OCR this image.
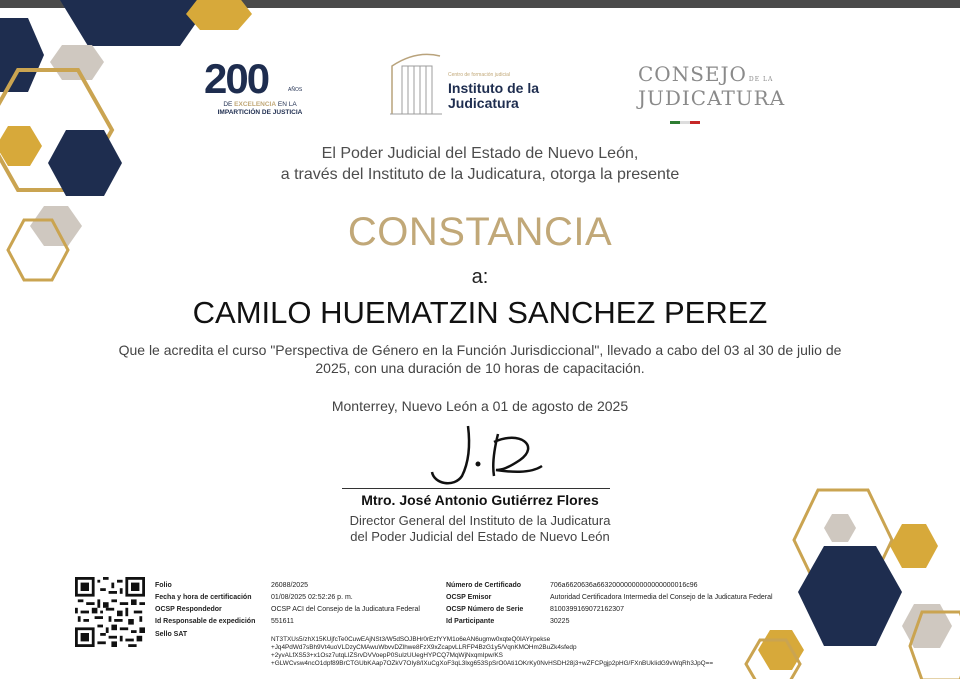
200	AÑOS
DE EXCELENCIA EN LA
IMPARTICIÓN DE JUSTICIA
Centro de formación judicial
Instituto de la
Judicatura
CONSEJO DE LA
JUDICATURA
El Poder Judicial del Estado de Nuevo León,
a través del Instituto de la Judicatura, otorga la presente
CONSTANCIA
a:
CAMILO HUEMATZIN SANCHEZ PEREZ
Que le acredita el curso "Perspectiva de Género en la Función Jurisdiccional", llevado a cabo del 03 al 30 de julio de 2025, con una duración de 10 horas de capacitación.
Monterrey, Nuevo León a 01 de agosto de 2025
Mtro. José Antonio Gutiérrez Flores
Director General del Instituto de la Judicatura
del Poder Judicial del Estado de Nuevo León
Folio	26088/2025
Fecha y hora de certificación	01/08/2025 02:52:26 p. m.
OCSP Respondedor	OCSP ACI del Consejo de la Judicatura Federal
Id Responsable de expedición 551611
Sello SAT
Número de Certificado	706a6620636a66320000000000000000016c96
OCSP Emisor	Autoridad Certificadora Intermedia del Consejo de la Judicatura Federal
OCSP Número de Serie	8100399169072162307
Id Participante	30225
NT3TXUs5/zhX15KUjfcTe0CuwEAjNSt3/W5dSOJBHr0rEzfYYM1o6eAN6ugmw0xqteQ0IAYirpekse
+Jq4PdWd7sBh9Vt4uoVLDzyCMAwuWbvvDZlhwe8FzX9xZcapvLLRFP4BzG1y5/VqnKMOHm2BuZk4sfedp
+2yvALfXS53+x1Osz7utqLIZSrvDVVoepP0SuIzUUegHYPCQ7MqWjNxqmIpw/KS
+GLWCvsw4ncO1dpf89BrCTGUbKAap7OZkV7OIy8/IXuCgXoF3qL3lxg653SpSrO0Ati1OKrKy0NvHSDH28j3+wZFCPgjp2pHG/FXnBUkIidG9vWqRh3JpQ==
